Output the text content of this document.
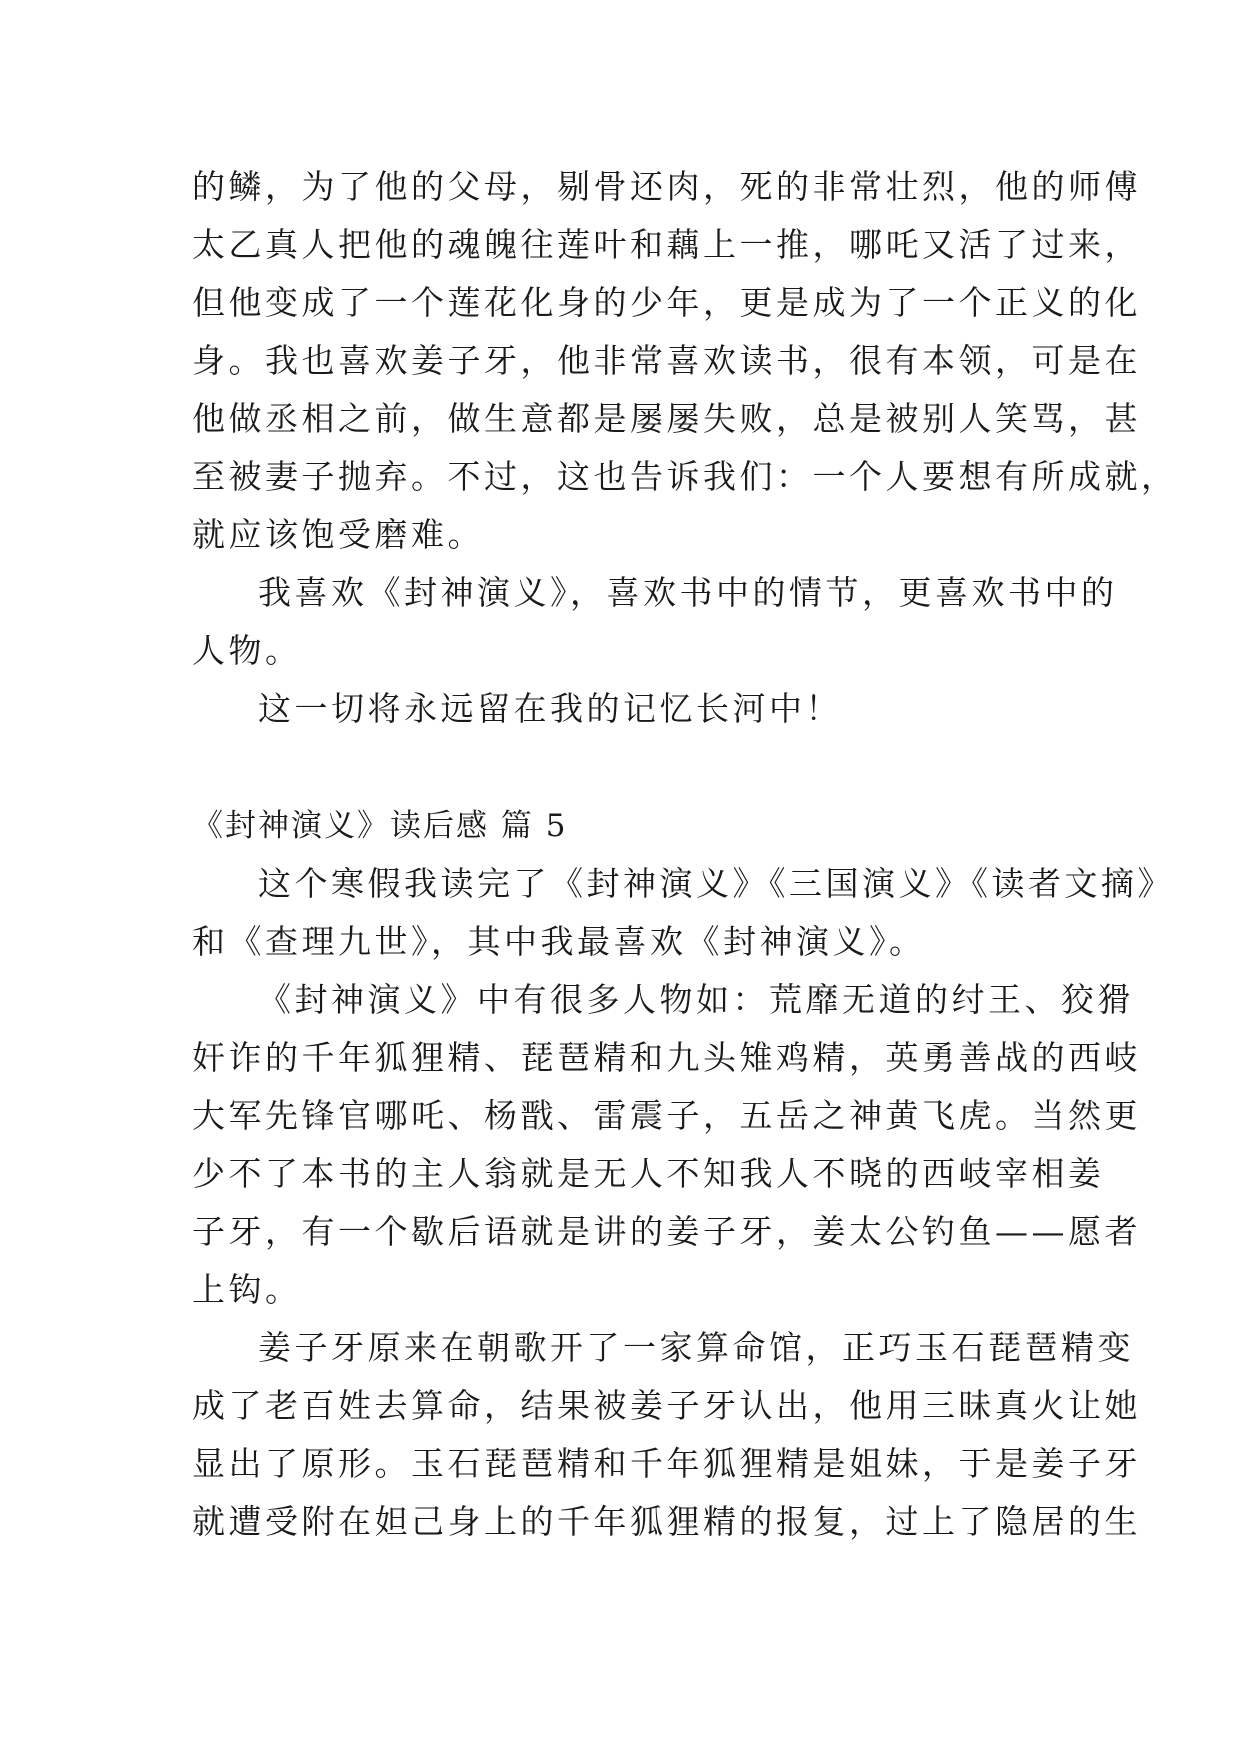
的鳞，为了他的父母，剔骨还肉，死的非常壮烈，他的师傅
太乙真人把他的魂魄往莲叶和藕上一推，哪吒又活了过来，
但他变成了一个莲花化身的少年，更是成为了一个正义的化
身。我也喜欢姜子牙，他非常喜欢读书，很有本领，可是在
他做丞相之前，做生意都是屡屡失败，总是被别人笑骂，甚
至被妻子抛弃。不过，这也告诉我们：一个人要想有所成就，
就应该饱受磨难。
我喜欢《封神演义》，喜欢书中的情节，更喜欢书中的
人物。
这一切将永远留在我的记忆长河中！
《封神演义》读后感 篇 5
这个寒假我读完了《封神演义》《三国演义》《读者文摘》
和《查理九世》，其中我最喜欢《封神演义》。
《封神演义》中有很多人物如：荒靡无道的纣王、狡猾
奸诈的千年狐狸精、琵琶精和九头雉鸡精，英勇善战的西岐
大军先锋官哪吒、杨戬、雷震子，五岳之神黄飞虎。当然更
少不了本书的主人翁就是无人不知我人不晓的西岐宰相姜
子牙，有一个歇后语就是讲的姜子牙，姜太公钓鱼——愿者
上钩。
姜子牙原来在朝歌开了一家算命馆，正巧玉石琵琶精变
成了老百姓去算命，结果被姜子牙认出，他用三昧真火让她
显出了原形。玉石琵琶精和千年狐狸精是姐妹，于是姜子牙
就遭受附在妲己身上的千年狐狸精的报复，过上了隐居的生
